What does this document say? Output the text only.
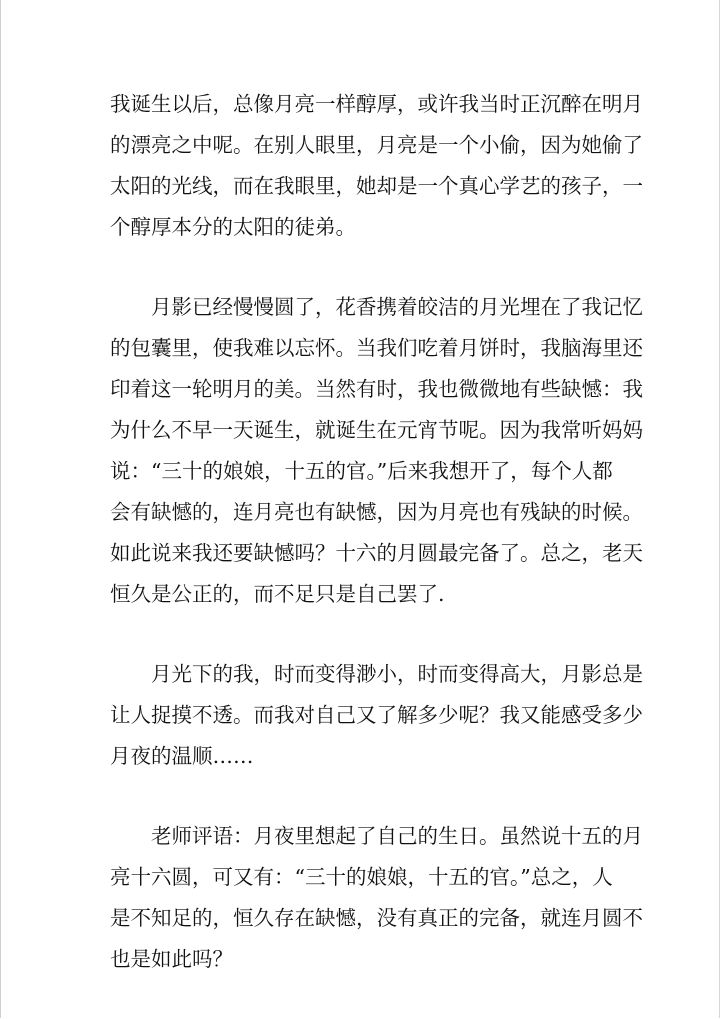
我诞生以后，总像月亮一样醇厚，或许我当时正沉醉在明月
的漂亮之中呢。在别人眼里，月亮是一个小偷，因为她偷了
太阳的光线，而在我眼里，她却是一个真心学艺的孩子，一
个醇厚本分的太阳的徒弟。

　　月影已经慢慢圆了，花香携着皎洁的月光埋在了我记忆
的包囊里，使我难以忘怀。当我们吃着月饼时，我脑海里还
印着这一轮明月的美。当然有时，我也微微地有些缺憾：我
为什么不早一天诞生，就诞生在元宵节呢。因为我常听妈妈
说：“三十的娘娘，十五的官。”后来我想开了，每个人都
会有缺憾的，连月亮也有缺憾，因为月亮也有残缺的时候。
如此说来我还要缺憾吗？十六的月圆最完备了。总之，老天
恒久是公正的，而不足只是自己罢了.

　　月光下的我，时而变得渺小，时而变得高大，月影总是
让人捉摸不透。而我对自己又了解多少呢？我又能感受多少
月夜的温顺……

　　老师评语：月夜里想起了自己的生日。虽然说十五的月
亮十六圆，可又有：“三十的娘娘，十五的官。”总之，人
是不知足的，恒久存在缺憾，没有真正的完备，就连月圆不
也是如此吗？
